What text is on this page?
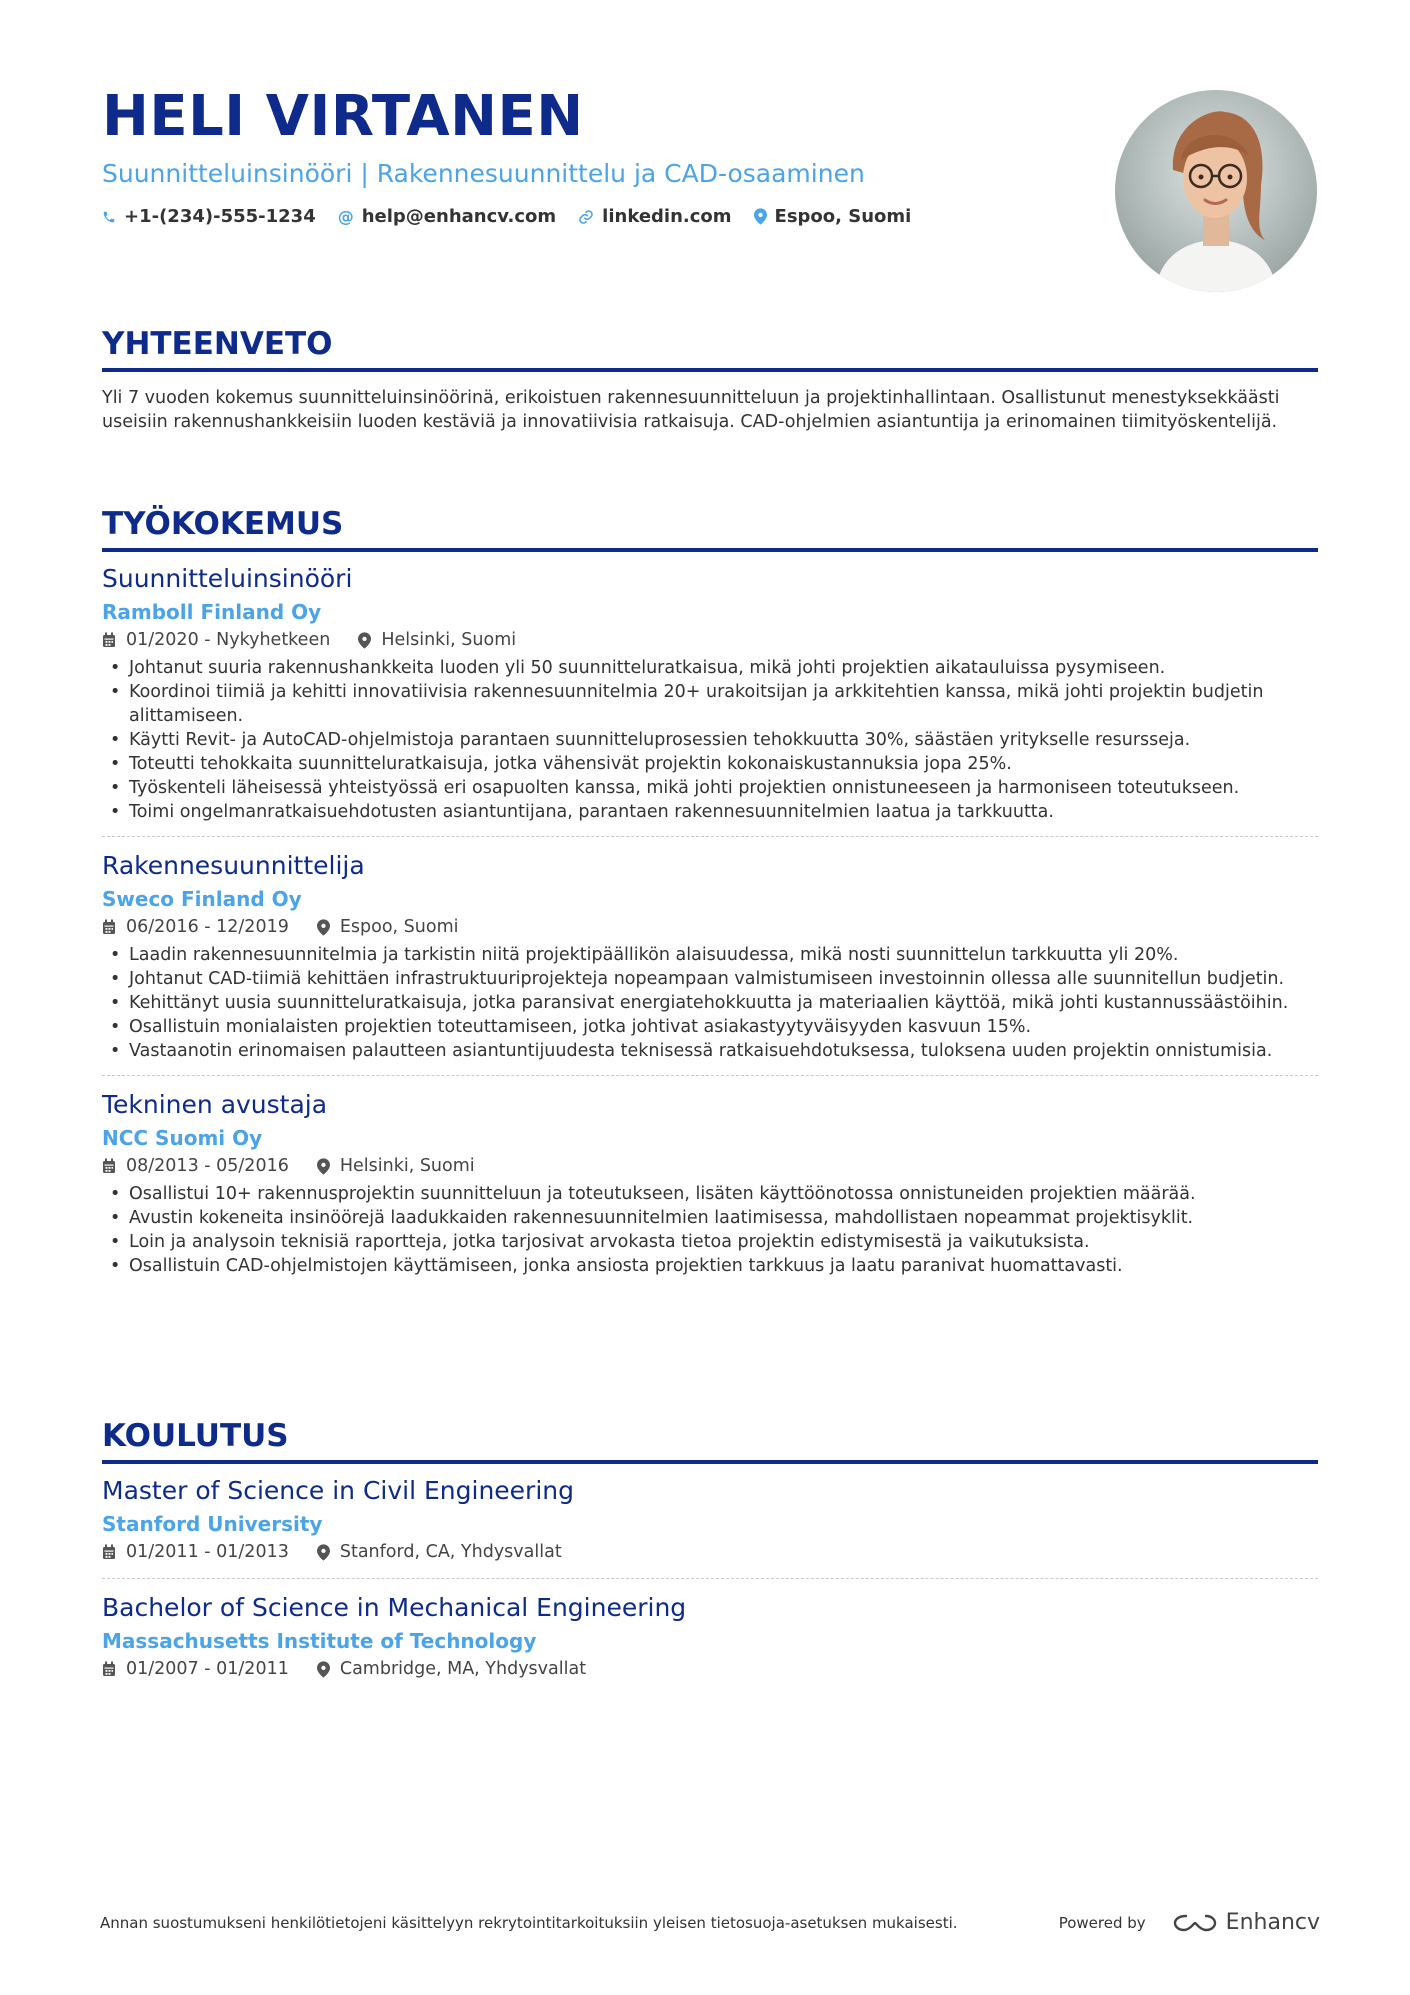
HELI VIRTANEN
Suunnitteluinsinööri | Rakennesuunnittelu ja CAD-osaaminen
+1-(234)-555-1234 @ help@enhancv.com	linkedin.com Espoo, Suomi
YHTEENVETO
Yli 7 vuoden kokemus suunnitteluinsinöörinä, erikoistuen rakennesuunnitteluun ja projektinhallintaan. Osallistunut menestyksekkäästi useisiin rakennushankkeisiin luoden kestäviä ja innovatiivisia ratkaisuja. CAD-ohjelmien asiantuntija ja erinomainen tiimityöskentelijä.
TYÖKOKEMUS
Suunnitteluinsinööri
Ramboll Finland Oy
01/2020 - Nykyhetkeen	Helsinki, Suomi
• Johtanut suuria rakennushankkeita luoden yli 50 suunnitteluratkaisua, mikä johti projektien aikatauluissa pysymiseen.
• Koordinoi tiimiä ja kehitti innovatiivisia rakennesuunnitelmia 20+ urakoitsijan ja arkkitehtien kanssa, mikä johti projektin budjetin alittamiseen.
• Käytti Revit- ja AutoCAD-ohjelmistoja parantaen suunnitteluprosessien tehokkuutta 30%, säästäen yritykselle resursseja.
• Toteutti tehokkaita suunnitteluratkaisuja, jotka vähensivät projektin kokonaiskustannuksia jopa 25%.
• Työskenteli läheisessä yhteistyössä eri osapuolten kanssa, mikä johti projektien onnistuneeseen ja harmoniseen toteutukseen.
• Toimi ongelmanratkaisuehdotusten asiantuntijana, parantaen rakennesuunnitelmien laatua ja tarkkuutta.
Rakennesuunnittelija
Sweco Finland Oy
06/2016 - 12/2019	Espoo, Suomi
• Laadin rakennesuunnitelmia ja tarkistin niitä projektipäällikön alaisuudessa, mikä nosti suunnittelun tarkkuutta yli 20%.
• Johtanut CAD-tiimiä kehittäen infrastruktuuriprojekteja nopeampaan valmistumiseen investoinnin ollessa alle suunnitellun budjetin.
• Kehittänyt uusia suunnitteluratkaisuja, jotka paransivat energiatehokkuutta ja materiaalien käyttöä, mikä johti kustannussäästöihin.
• Osallistuin monialaisten projektien toteuttamiseen, jotka johtivat asiakastyytyväisyyden kasvuun 15%.
• Vastaanotin erinomaisen palautteen asiantuntijuudesta teknisessä ratkaisuehdotuksessa, tuloksena uuden projektin onnistumisia.
Tekninen avustaja
NCC Suomi Oy
08/2013 - 05/2016	Helsinki, Suomi
• Osallistui 10+ rakennusprojektin suunnitteluun ja toteutukseen, lisäten käyttöönotossa onnistuneiden projektien määrää.
• Avustin kokeneita insinöörejä laadukkaiden rakennesuunnitelmien laatimisessa, mahdollistaen nopeammat projektisyklit.
• Loin ja analysoin teknisiä raportteja, jotka tarjosivat arvokasta tietoa projektin edistymisestä ja vaikutuksista.
• Osallistuin CAD-ohjelmistojen käyttämiseen, jonka ansiosta projektien tarkkuus ja laatu paranivat huomattavasti.
KOULUTUS
Master of Science in Civil Engineering
Stanford University
01/2011 - 01/2013	Stanford, CA, Yhdysvallat
Bachelor of Science in Mechanical Engineering
Massachusetts Institute of Technology
01/2007 - 01/2011	Cambridge, MA, Yhdysvallat
Annan suostumukseni henkilötietojeni käsittelyyn rekrytointitarkoituksiin yleisen tietosuoja-asetuksen mukaisesti.	Powered by	Enhancv
